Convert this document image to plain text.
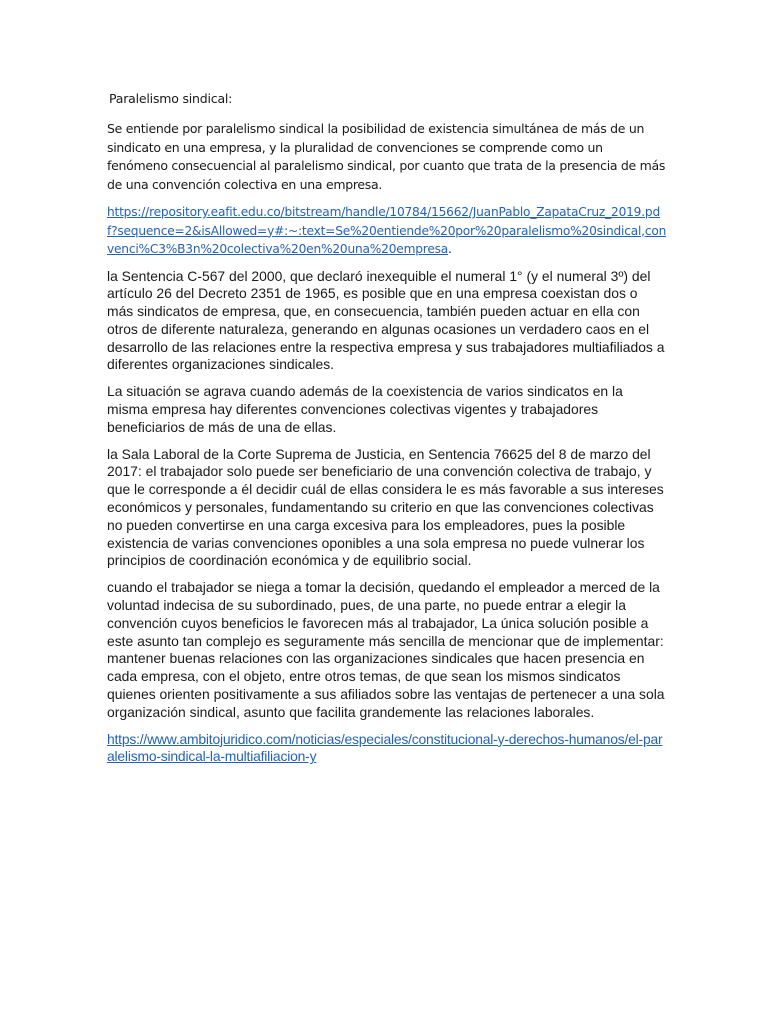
Paralelismo sindical:

Se entiende por paralelismo sindical la posibilidad de existencia simultánea de más de un sindicato en una empresa, y la pluralidad de convenciones se comprende como un fenómeno consecuencial al paralelismo sindical, por cuanto que trata de la presencia de más de una convención colectiva en una empresa.

https://repository.eafit.edu.co/bitstream/handle/10784/15662/JuanPablo_ZapataCruz_2019.pdf?sequence=2&isAllowed=y#:~:text=Se%20entiende%20por%20paralelismo%20sindical,convenci%C3%B3n%20colectiva%20en%20una%20empresa.

la Sentencia C-567 del 2000, que declaró inexequible el numeral 1° (y el numeral 3º) del artículo 26 del Decreto 2351 de 1965, es posible que en una empresa coexistan dos o más sindicatos de empresa, que, en consecuencia, también pueden actuar en ella con otros de diferente naturaleza, generando en algunas ocasiones un verdadero caos en el desarrollo de las relaciones entre la respectiva empresa y sus trabajadores multiafiliados a diferentes organizaciones sindicales.

La situación se agrava cuando además de la coexistencia de varios sindicatos en la misma empresa hay diferentes convenciones colectivas vigentes y trabajadores beneficiarios de más de una de ellas.

la Sala Laboral de la Corte Suprema de Justicia, en Sentencia 76625 del 8 de marzo del 2017: el trabajador solo puede ser beneficiario de una convención colectiva de trabajo, y que le corresponde a él decidir cuál de ellas considera le es más favorable a sus intereses económicos y personales, fundamentando su criterio en que las convenciones colectivas no pueden convertirse en una carga excesiva para los empleadores, pues la posible existencia de varias convenciones oponibles a una sola empresa no puede vulnerar los principios de coordinación económica y de equilibrio social.

cuando el trabajador se niega a tomar la decisión, quedando el empleador a merced de la voluntad indecisa de su subordinado, pues, de una parte, no puede entrar a elegir la convención cuyos beneficios le favorecen más al trabajador, La única solución posible a este asunto tan complejo es seguramente más sencilla de mencionar que de implementar: mantener buenas relaciones con las organizaciones sindicales que hacen presencia en cada empresa, con el objeto, entre otros temas, de que sean los mismos sindicatos quienes orienten positivamente a sus afiliados sobre las ventajas de pertenecer a una sola organización sindical, asunto que facilita grandemente las relaciones laborales.

https://www.ambitojuridico.com/noticias/especiales/constitucional-y-derechos-humanos/el-paralelismo-sindical-la-multiafiliacion-y
